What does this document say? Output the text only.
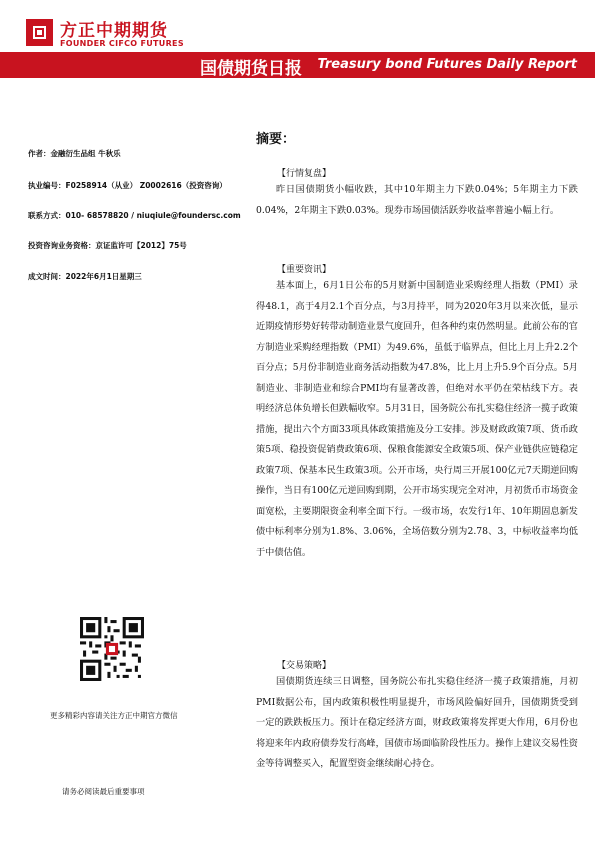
方正中期期货
FOUNDER CIFCO FUTURES
国债期货日报 Treasury bond Futures Daily Report
作者：金融衍生品组 牛秋乐
执业编号：F0258914（从业） Z0002616（投资咨询）
联系方式：010- 68578820 / niuqiule@foundersc.com
投资咨询业务资格：京证监许可【2012】75号
成文时间：2022年6月1日星期三
更多精彩内容请关注方正中期官方微信
请务必阅读最后重要事项
摘要：
【行情复盘】
昨日国债期货小幅收跌，其中10年期主力下跌0.04%；5年期主力下跌0.04%，2年期主下跌0.03%。现券市场国债活跃券收益率普遍小幅上行。
【重要资讯】
基本面上，6月1日公布的5月财新中国制造业采购经理人指数（PMI）录得48.1，高于4月2.1个百分点，与3月持平，同为2020年3月以来次低，显示近期疫情形势好转带动制造业景气度回升，但各种约束仍然明显。此前公布的官方制造业采购经理指数（PMI）为49.6%，虽低于临界点，但比上月上升2.2个百分点；5月份非制造业商务活动指数为47.8%，比上月上升5.9个百分点。5月制造业、非制造业和综合PMI均有显著改善，但绝对水平仍在荣枯线下方。表明经济总体负增长但跌幅收窄。5月31日，国务院公布扎实稳住经济一揽子政策措施，提出六个方面33项具体政策措施及分工安排。涉及财政政策7项、货币政策5项、稳投资促销费政策6项、保粮食能源安全政策5项、保产业链供应链稳定政策7项、保基本民生政策3项。公开市场，央行周三开展100亿元7天期逆回购操作，当日有100亿元逆回购到期，公开市场实现完全对冲，月初货币市场资金面宽松，主要期限资金利率全面下行。一级市场，农发行1年、10年期固息新发债中标利率分别为1.8%、3.06%，全场倍数分别为2.78、3，中标收益率均低于中债估值。
【交易策略】
国债期货连续三日调整，国务院公布扎实稳住经济一揽子政策措施，月初PMI数据公布，国内政策积极性明显提升，市场风险偏好回升，国债期货受到一定的跌跌板压力。预计在稳定经济方面，财政政策将发挥更大作用，6月份也将迎来年内政府债券发行高峰，国债市场面临阶段性压力。操作上建议交易性资金等待调整买入，配置型资金继续耐心持仓。
